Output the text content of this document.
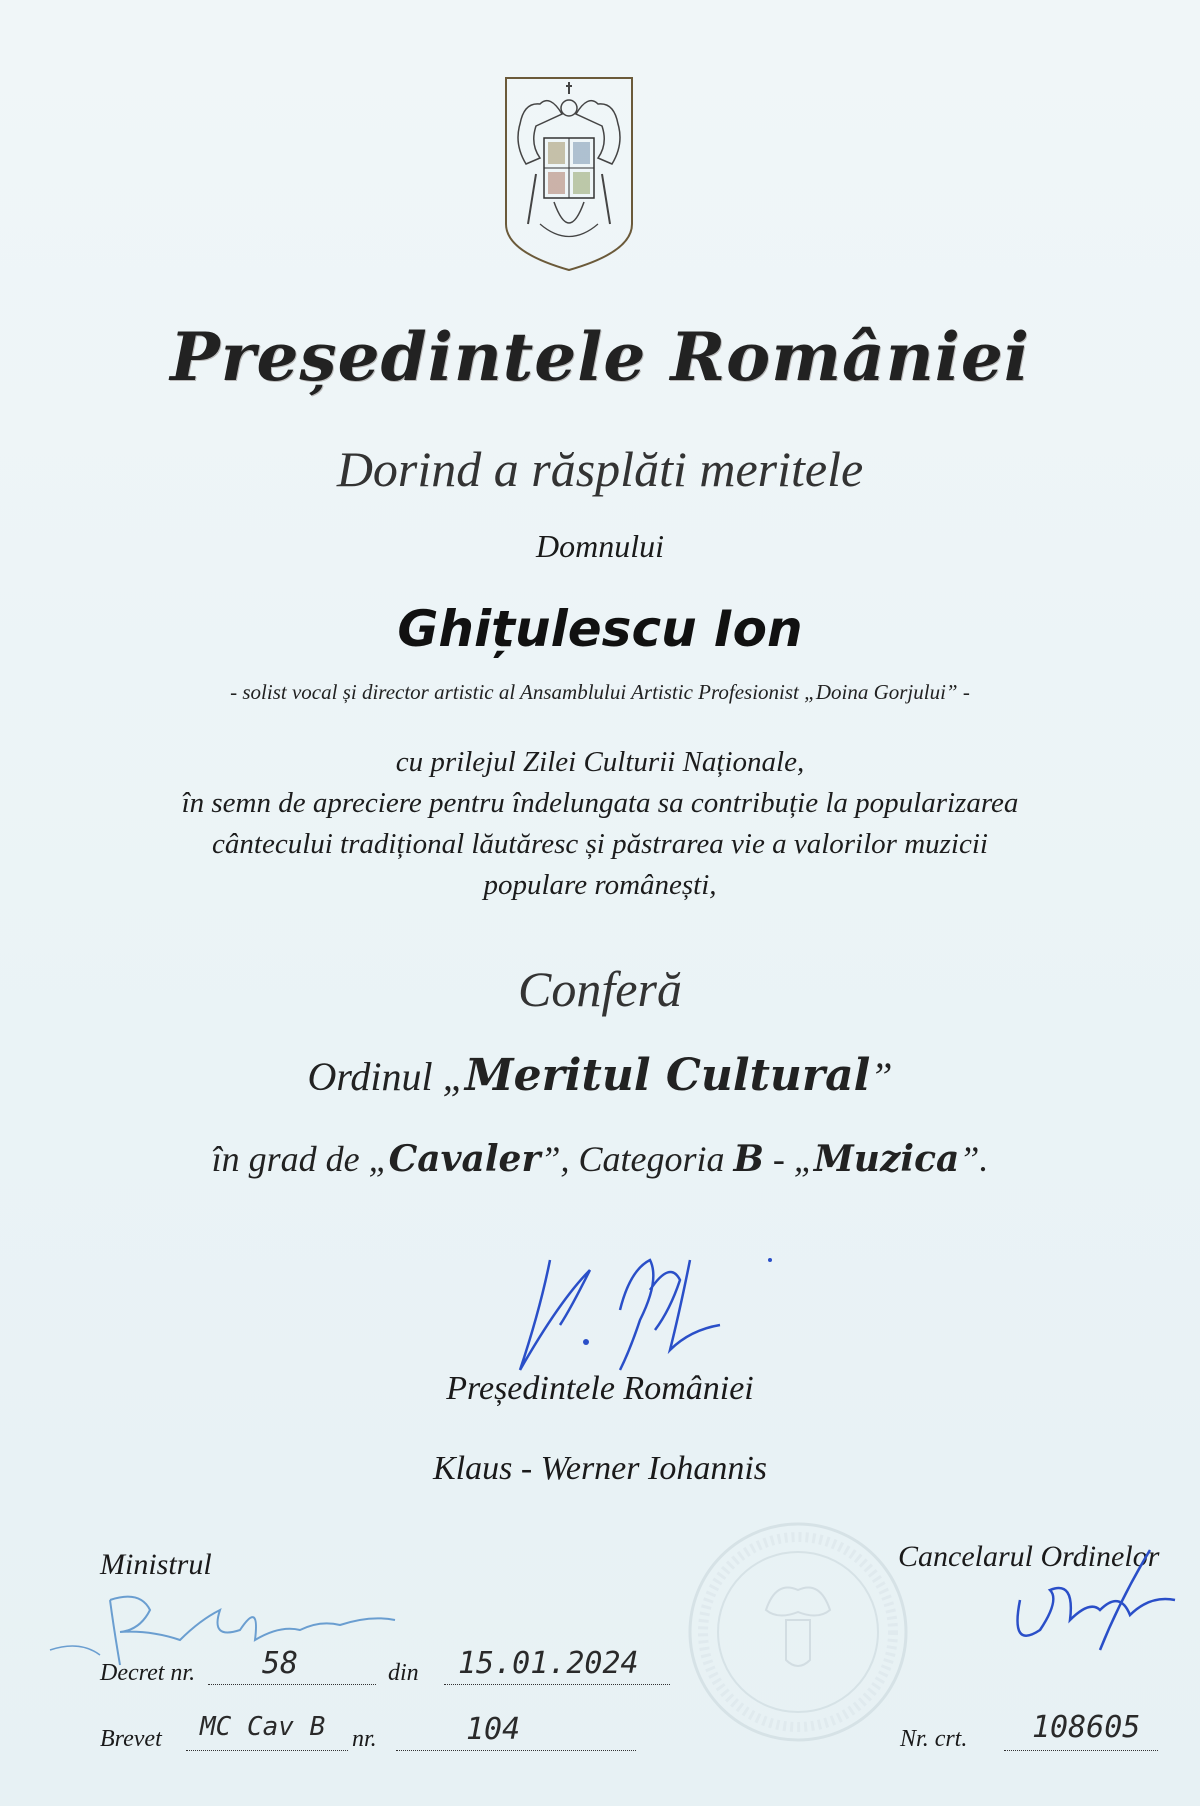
Președintele României
Dorind a răsplăti meritele
Domnului
Ghițulescu Ion
- solist vocal și director artistic al Ansamblului Artistic Profesionist „Doina Gorjului” -
cu prilejul Zilei Culturii Naționale,
în semn de apreciere pentru îndelungata sa contribuție la popularizarea
cântecului tradițional lăutăresc și păstrarea vie a valorilor muzicii
populare românești,
Conferă
Ordinul „Meritul Cultural”
în grad de „Cavaler”, Categoria B - „Muzica”.
Președintele României
Klaus - Werner Iohannis
Ministrul	Cancelarul Ordinelor
Decret nr. 58	din 15.01.2024
Brevet MC Cav B nr.	104	Nr. crt. 108605
